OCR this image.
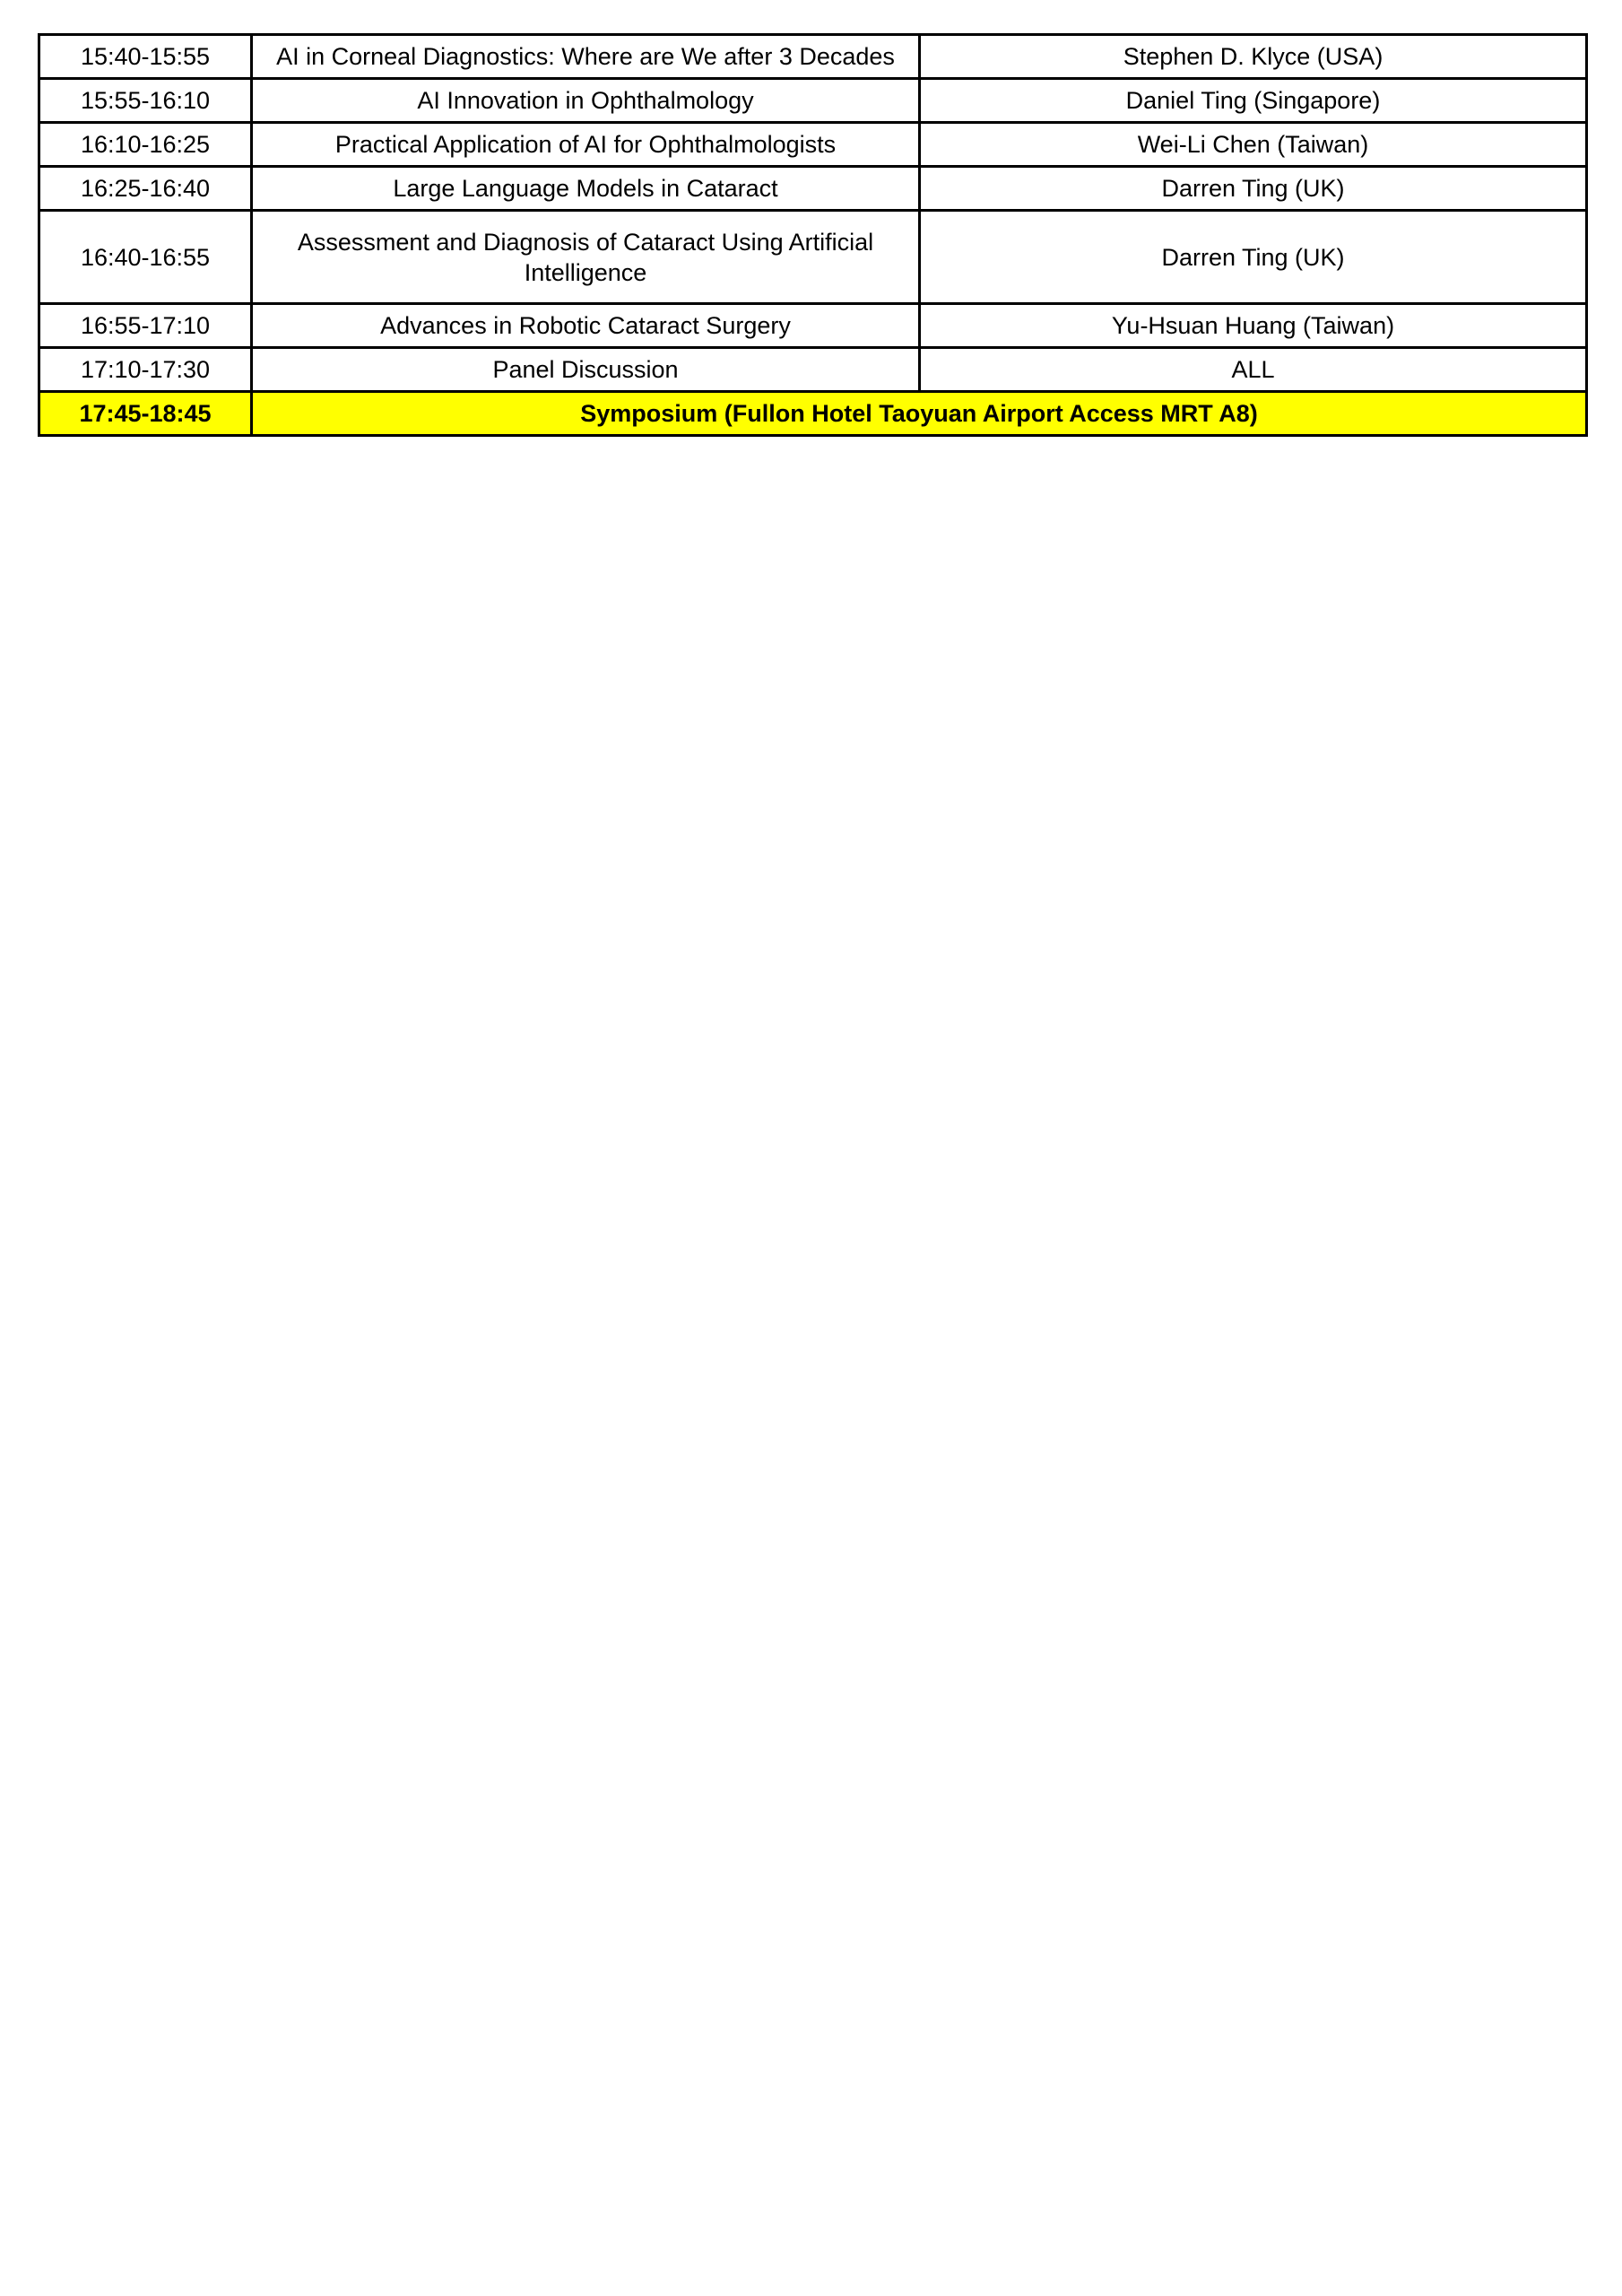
15:40-15:55	AI in Corneal Diagnostics: Where are We after 3 Decades	Stephen D. Klyce (USA)
15:55-16:10	AI Innovation in Ophthalmology	Daniel Ting (Singapore)
16:10-16:25	Practical Application of AI for Ophthalmologists	Wei-Li Chen (Taiwan)
16:25-16:40	Large Language Models in Cataract	Darren Ting (UK)
16:40-16:55	Assessment and Diagnosis of Cataract Using Artificial Intelligence	Darren Ting (UK)
16:55-17:10	Advances in Robotic Cataract Surgery	Yu-Hsuan Huang (Taiwan)
17:10-17:30	Panel Discussion	ALL
17:45-18:45	Symposium (Fullon Hotel Taoyuan Airport Access MRT A8)	
